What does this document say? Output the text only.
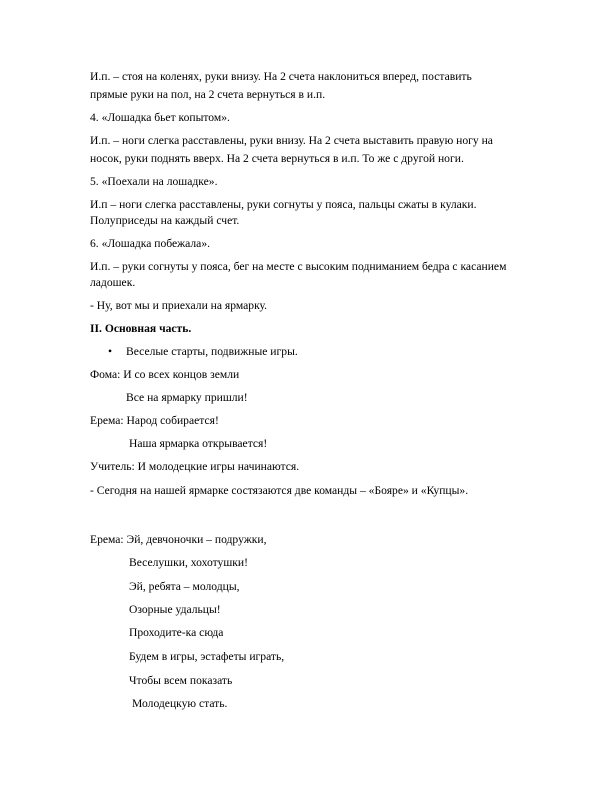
И.п. – стоя на коленях, руки внизу. На 2 счета наклониться вперед, поставить
прямые руки на пол, на 2 счета вернуться в и.п.
4. «Лошадка бьет копытом».
И.п. – ноги слегка расставлены, руки внизу. На 2 счета выставить правую ногу на
носок, руки поднять вверх. На 2 счета вернуться в и.п. То же с другой ноги.
5. «Поехали на лошадке».
И.п – ноги слегка расставлены, руки согнуты у пояса, пальцы сжаты в кулаки.
Полуприседы на каждый счет.
6. «Лошадка побежала».
И.п. – руки согнуты у пояса, бег на месте с высоким подниманием бедра с касанием
ладошек.
- Ну, вот мы и приехали на ярмарку.
II. Основная часть.
• Веселые старты, подвижные игры.
Фома: И со всех концов земли
Все на ярмарку пришли!
Ерема: Народ собирается!
Наша ярмарка открывается!
Учитель: И молодецкие игры начинаются.
- Сегодня на нашей ярмарке состязаются две команды – «Бояре» и «Купцы».
Ерема: Эй, девчоночки – подружки,
Веселушки, хохотушки!
Эй, ребята – молодцы,
Озорные удальцы!
Проходите-ка сюда
Будем в игры, эстафеты играть,
Чтобы всем показать
Молодецкую стать.
